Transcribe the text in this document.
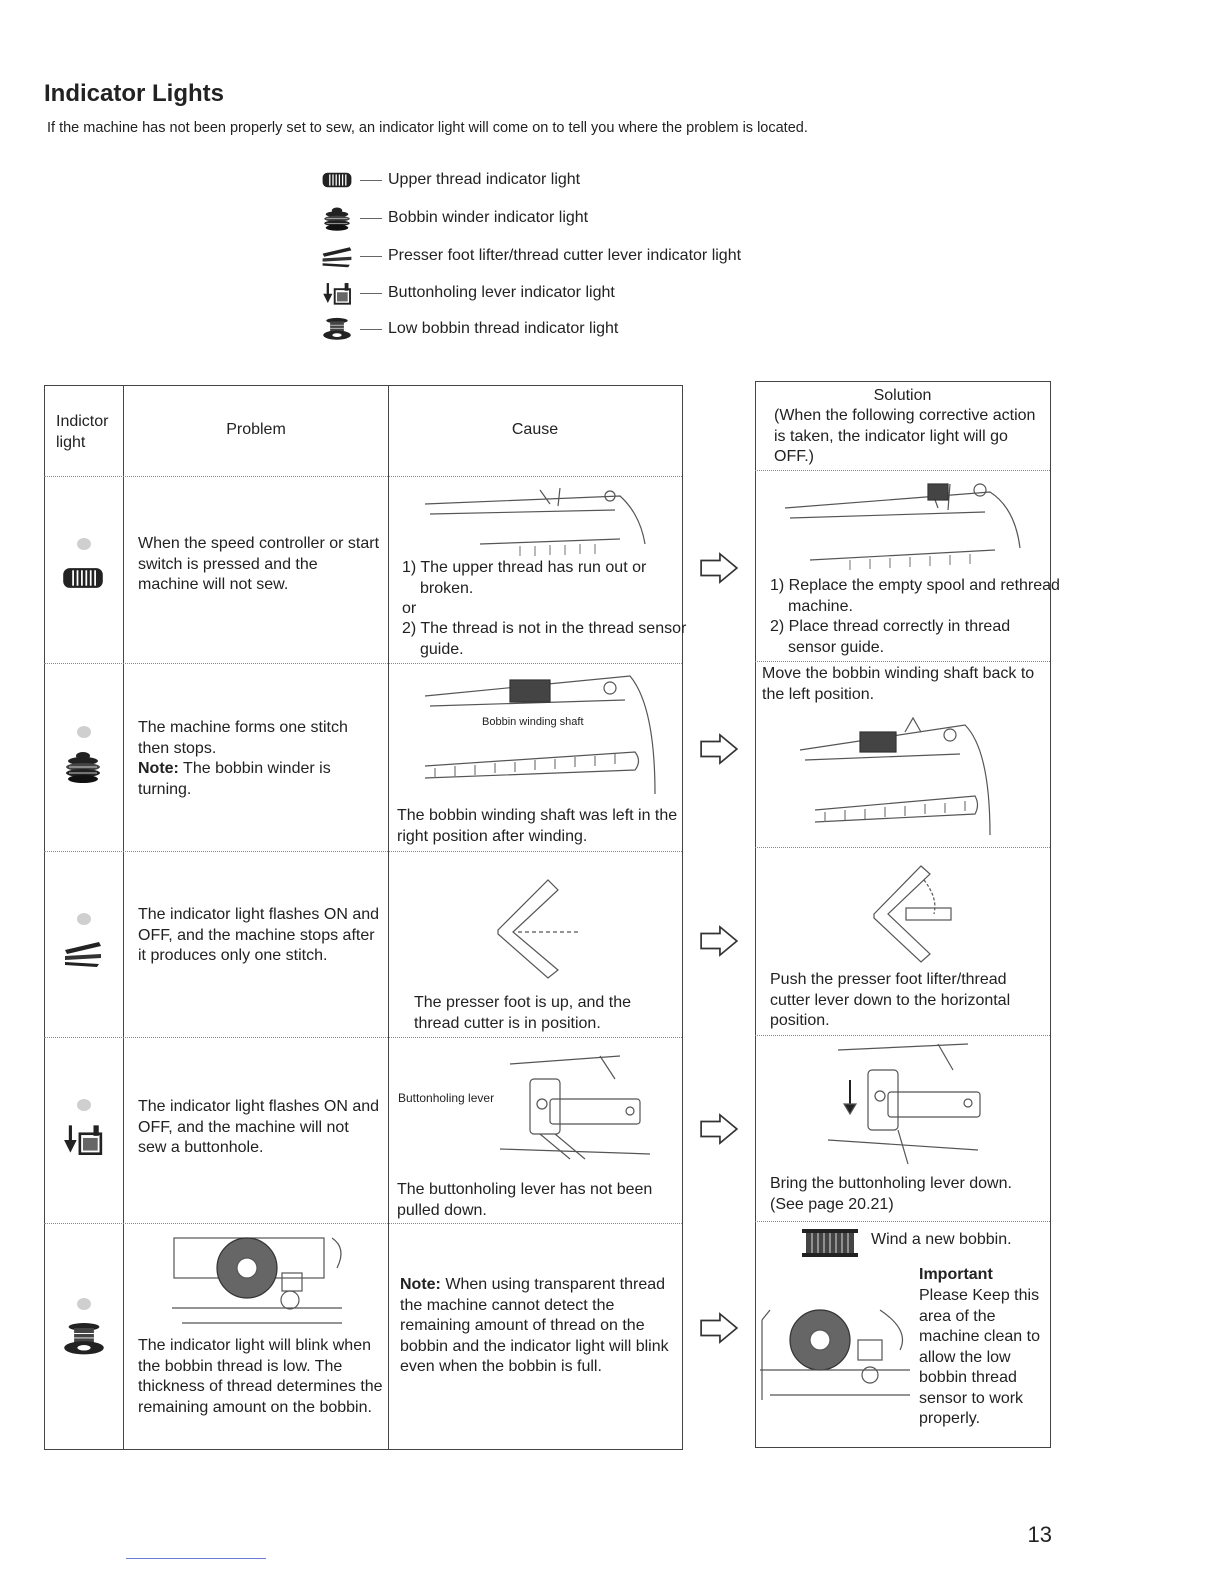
Indicator Lights
If the machine has not been properly set to sew, an indicator light will come on to tell you where the problem is located.
Upper thread indicator light
Bobbin winder indicator light
Presser foot lifter/thread cutter lever indicator light
Buttonholing lever indicator light
Low bobbin thread indicator light
Indictor light
Problem	Cause
Solution
(When the following corrective action is taken, the indicator light will go OFF.)
When the speed controller or start switch is pressed and the machine will not sew.
1) The upper thread has run out or broken.
or
2) The thread is not in the thread sensor guide.
1) Replace the empty spool and rethread machine.
2) Place thread correctly in thread sensor guide.
The machine forms one stitch then stops.
Note: The bobbin winder is turning.
Bobbin winding shaft
The bobbin winding shaft was left in the right position after winding.
Move the bobbin winding shaft back to the left position.
The indicator light flashes ON and OFF, and the machine stops after it produces only one stitch.
The presser foot is up, and the thread cutter is in position.
Push the presser foot lifter/thread cutter lever down to the horizontal position.
The indicator light flashes ON and OFF, and the machine will not sew a buttonhole.
Buttonholing lever
The buttonholing lever has not been pulled down.
Bring the buttonholing lever down.
(See page 20.21)
The indicator light will blink when the bobbin thread is low. The thickness of thread determines the remaining amount on the bobbin.
Note: When using transparent thread the machine cannot detect the remaining amount of thread on the bobbin and the indicator light will blink even when the bobbin is full.
Wind a new bobbin.
Important
Please Keep this area of the machine clean to allow the low bobbin thread sensor to work properly.
13
